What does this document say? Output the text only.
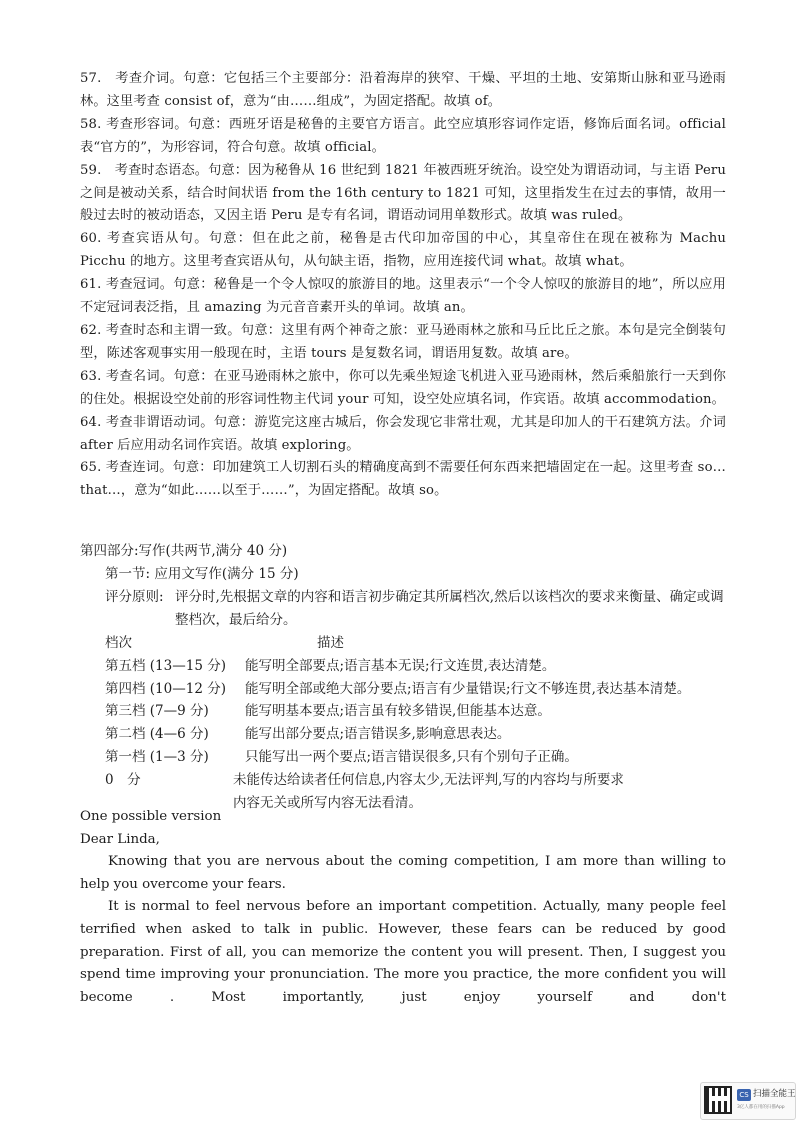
57.　考查介词。句意：它包括三个主要部分：沿着海岸的狭窄、干燥、平坦的土地、安第斯山脉和亚马逊雨林。这里考查 consist of，意为“由……组成”，为固定搭配。故填 of。

58. 考查形容词。句意：西班牙语是秘鲁的主要官方语言。此空应填形容词作定语，修饰后面名词。official 表“官方的”，为形容词，符合句意。故填 official。

59.　考查时态语态。句意：因为秘鲁从 16 世纪到 1821 年被西班牙统治。设空处为谓语动词，与主语 Peru 之间是被动关系，结合时间状语 from the 16th century to 1821 可知，这里指发生在过去的事情，故用一般过去时的被动语态，又因主语 Peru 是专有名词，谓语动词用单数形式。故填 was ruled。

60. 考查宾语从句。句意：但在此之前，秘鲁是古代印加帝国的中心，其皇帝住在现在被称为 Machu Picchu 的地方。这里考查宾语从句，从句缺主语，指物，应用连接代词 what。故填 what。

61. 考查冠词。句意：秘鲁是一个令人惊叹的旅游目的地。这里表示“一个令人惊叹的旅游目的地”，所以应用不定冠词表泛指，且 amazing 为元音音素开头的单词。故填 an。

62. 考查时态和主谓一致。句意：这里有两个神奇之旅：亚马逊雨林之旅和马丘比丘之旅。本句是完全倒装句型，陈述客观事实用一般现在时，主语 tours 是复数名词，谓语用复数。故填 are。

63. 考查名词。句意：在亚马逊雨林之旅中，你可以先乘坐短途飞机进入亚马逊雨林，然后乘船旅行一天到你的住处。根据设空处前的形容词性物主代词 your 可知，设空处应填名词，作宾语。故填 accommodation。

64. 考查非谓语动词。句意：游览完这座古城后，你会发现它非常壮观，尤其是印加人的干石建筑方法。介词 after 后应用动名词作宾语。故填 exploring。

65. 考查连词。句意：印加建筑工人切割石头的精确度高到不需要任何东西来把墙固定在一起。这里考查 so…that…，意为“如此……以至于……”，为固定搭配。故填 so。

第四部分:写作(共两节,满分 40 分)
第一节: 应用文写作(满分 15 分)
评分原则: 评分时,先根据文章的内容和语言初步确定其所属档次,然后以该档次的要求来衡量、确定或调整档次，最后给分。
档次	描述
第五档 (13—15 分) 能写明全部要点;语言基本无误;行文连贯,表达清楚。
第四档 (10—12 分) 能写明全部或绝大部分要点;语言有少量错误;行文不够连贯,表达基本清楚。
第三档 (7—9 分)	能写明基本要点;语言虽有较多错误,但能基本达意。
第二档 (4—6 分)	能写出部分要点;语言错误多,影响意思表达。
第一档 (1—3 分)	只能写出一两个要点;语言错误很多,只有个别句子正确。
0　分	未能传达给读者任何信息,内容太少,无法评判,写的内容均与所要求
内容无关或所写内容无法看清。

One possible version

Dear Linda,

Knowing that you are nervous about the coming competition, I am more than willing to help you overcome your fears.

It is normal to feel nervous before an important competition. Actually, many people feel terrified when asked to talk in public. However, these fears can be reduced by good preparation. First of all, you can memorize the content you will present. Then, I suggest you spend time improving your pronunciation. The more you practice, the more confident you will become . Most importantly, just enjoy yourself and don't

CS 扫描全能王
3亿人都在用的扫描App
